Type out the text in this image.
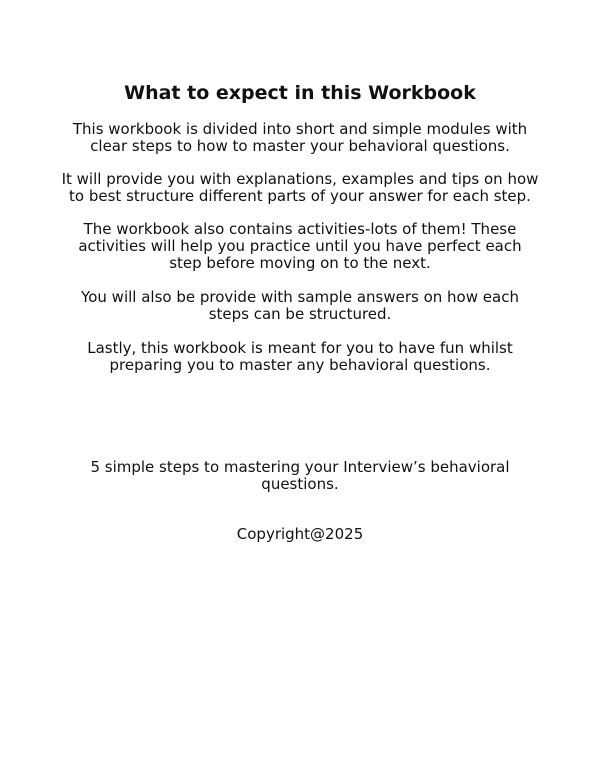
What to expect in this Workbook

This workbook is divided into short and simple modules with
clear steps to how to master your behavioral questions.

It will provide you with explanations, examples and tips on how
to best structure different parts of your answer for each step.

The workbook also contains activities-lots of them! These
activities will help you practice until you have perfect each
step before moving on to the next.

You will also be provide with sample answers on how each
steps can be structured.

Lastly, this workbook is meant for you to have fun whilst
preparing you to master any behavioral questions.

5 simple steps to mastering your Interview’s behavioral
questions.

Copyright@2025
